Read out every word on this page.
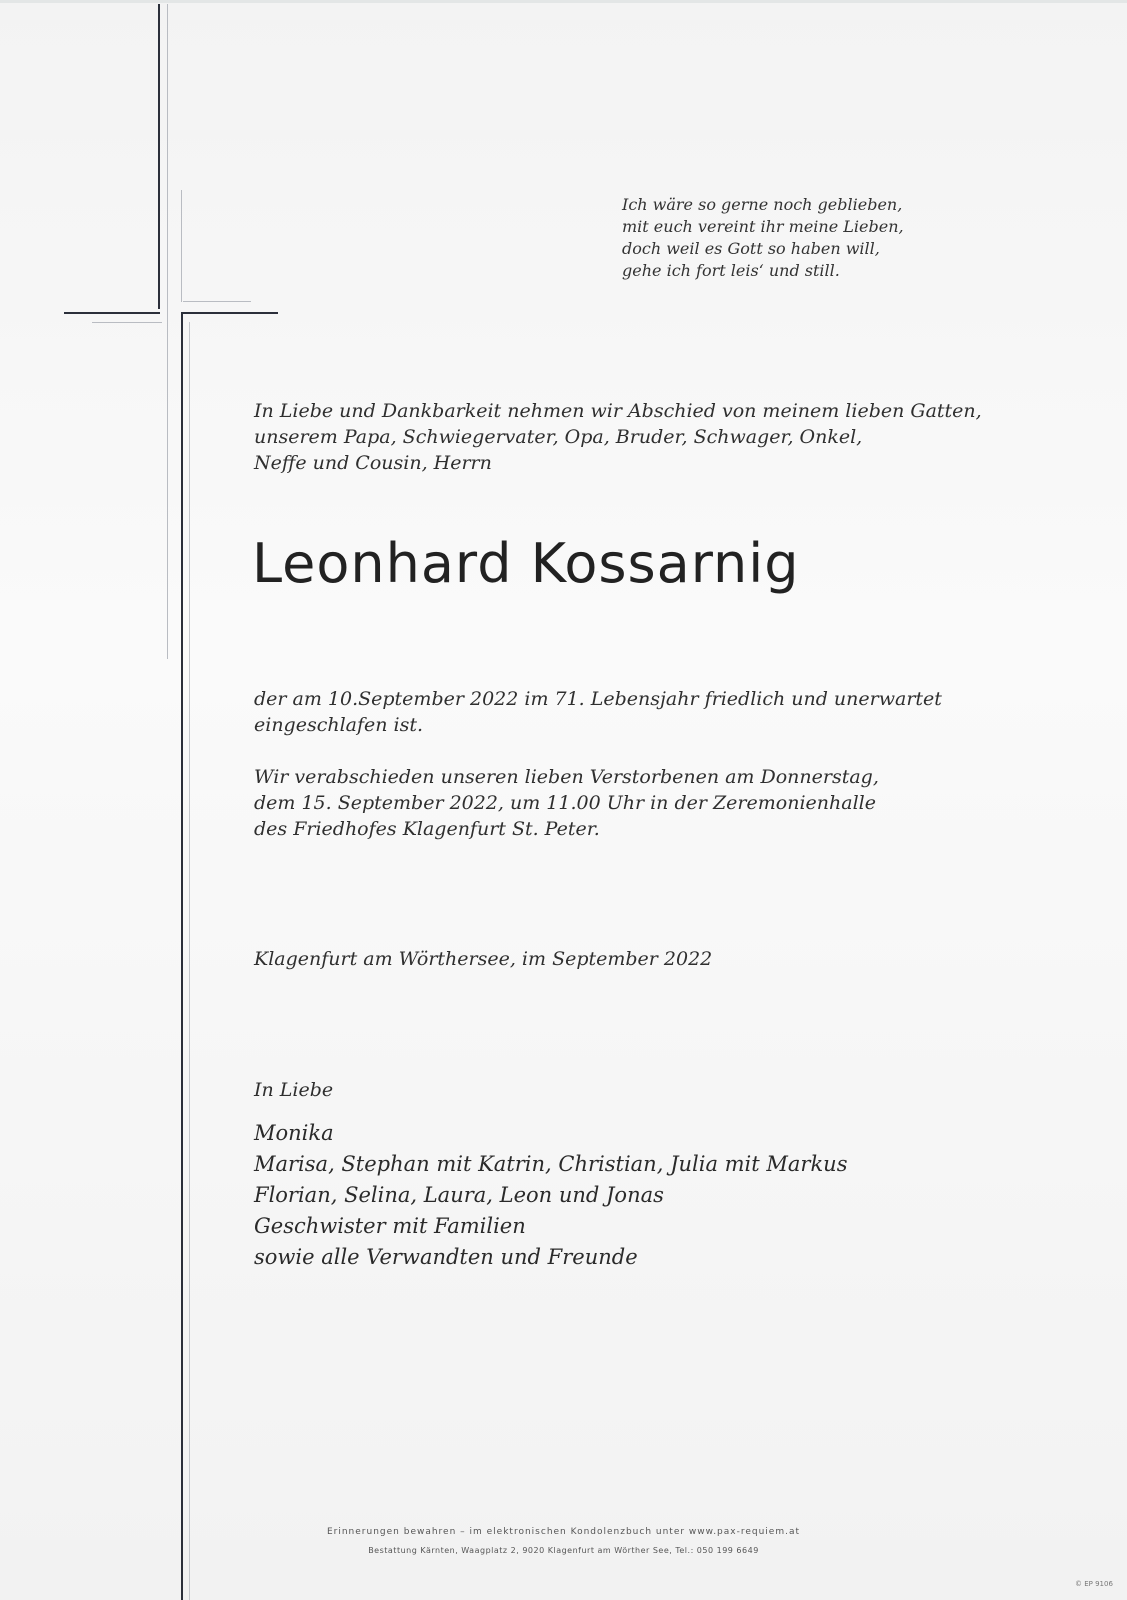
Ich wäre so gerne noch geblieben,
mit euch vereint ihr meine Lieben,
doch weil es Gott so haben will,
gehe ich fort leis‘ und still.
In Liebe und Dankbarkeit nehmen wir Abschied von meinem lieben Gatten,
unserem Papa, Schwiegervater, Opa, Bruder, Schwager, Onkel,
Neffe und Cousin, Herrn
Leonhard Kossarnig
der am 10.September 2022 im 71. Lebensjahr friedlich und unerwartet
eingeschlafen ist.
Wir verabschieden unseren lieben Verstorbenen am Donnerstag,
dem 15. September 2022, um 11.00 Uhr in der Zeremonienhalle
des Friedhofes Klagenfurt St. Peter.
Klagenfurt am Wörthersee, im September 2022
In Liebe
Monika
Marisa, Stephan mit Katrin, Christian, Julia mit Markus
Florian, Selina, Laura, Leon und Jonas
Geschwister mit Familien
sowie alle Verwandten und Freunde
Erinnerungen bewahren – im elektronischen Kondolenzbuch unter www.pax-requiem.at
Bestattung Kärnten, Waagplatz 2, 9020 Klagenfurt am Wörther See, Tel.: 050 199 6649
© EP 9106
